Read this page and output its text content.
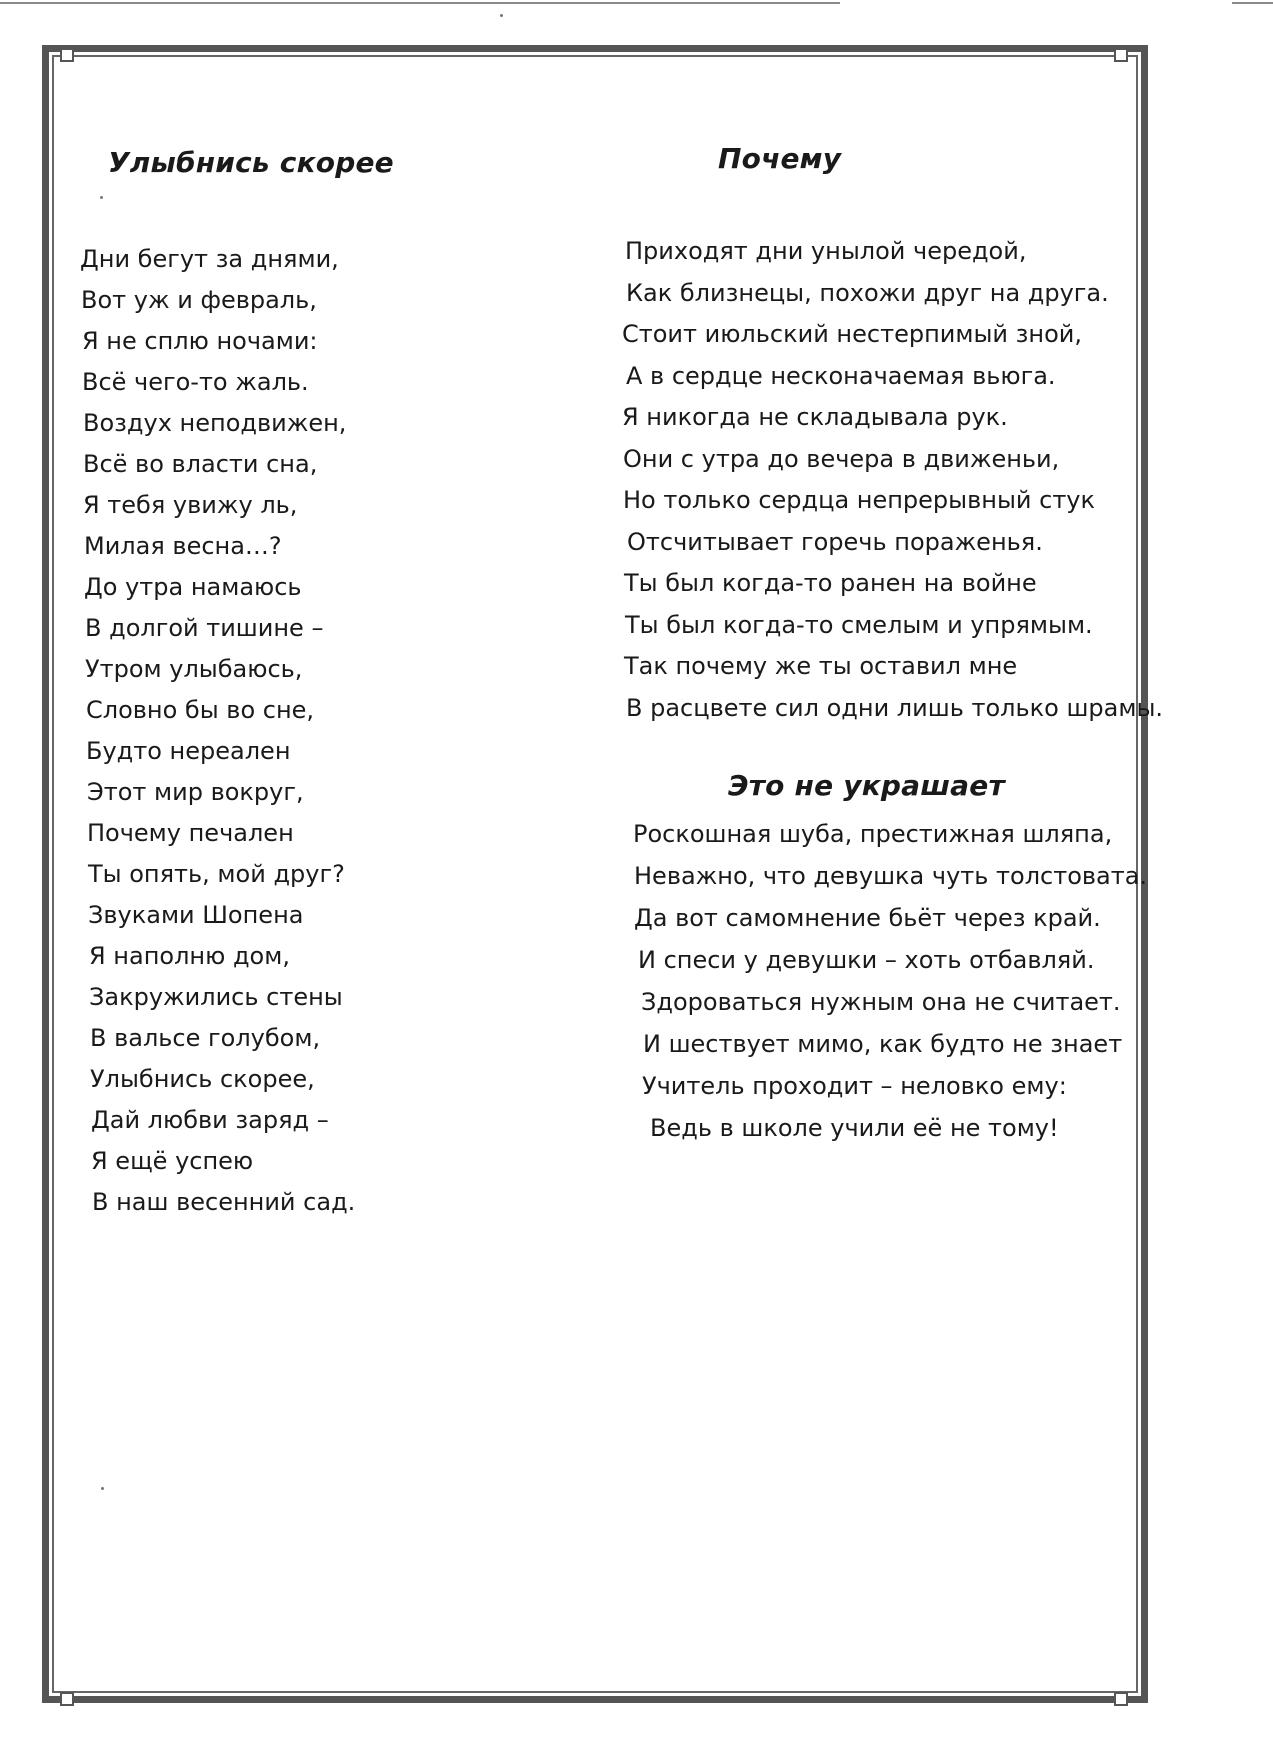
Улыбнись скорее
Дни бегут за днями,
Вот уж и февраль,
Я не сплю ночами:
Всё чего-то жаль.
Воздух неподвижен,
Всё во власти сна,
Я тебя увижу ль,
Милая весна…?
До утра намаюсь
В долгой тишине –
Утром улыбаюсь,
Словно бы во сне,
Будто нереален
Этот мир вокруг,
Почему печален
Ты опять, мой друг?
Звуками Шопена
Я наполню дом,
Закружились стены
В вальсе голубом,
Улыбнись скорее,
Дай любви заряд –
Я ещё успею
В наш весенний сад.
Почему
Приходят дни унылой чередой,
Как близнецы, похожи друг на друга.
Стоит июльский нестерпимый зной,
А в сердце несконачаемая вьюга.
Я никогда не складывала рук.
Они с утра до вечера в движеньи,
Но только сердца непрерывный стук
Отсчитывает горечь пораженья.
Ты был когда-то ранен на войне
Ты был когда-то смелым и упрямым.
Так почему же ты оставил мне
В расцвете сил одни лишь только шрамы.
Это не украшает
Роскошная шуба, престижная шляпа,
Неважно, что девушка чуть толстовата.
Да вот самомнение бьёт через край.
И спеси у девушки – хоть отбавляй.
Здороваться нужным она не считает.
И шествует мимо, как будто не знает
Учитель проходит – неловко ему:
Ведь в школе учили её не тому!
